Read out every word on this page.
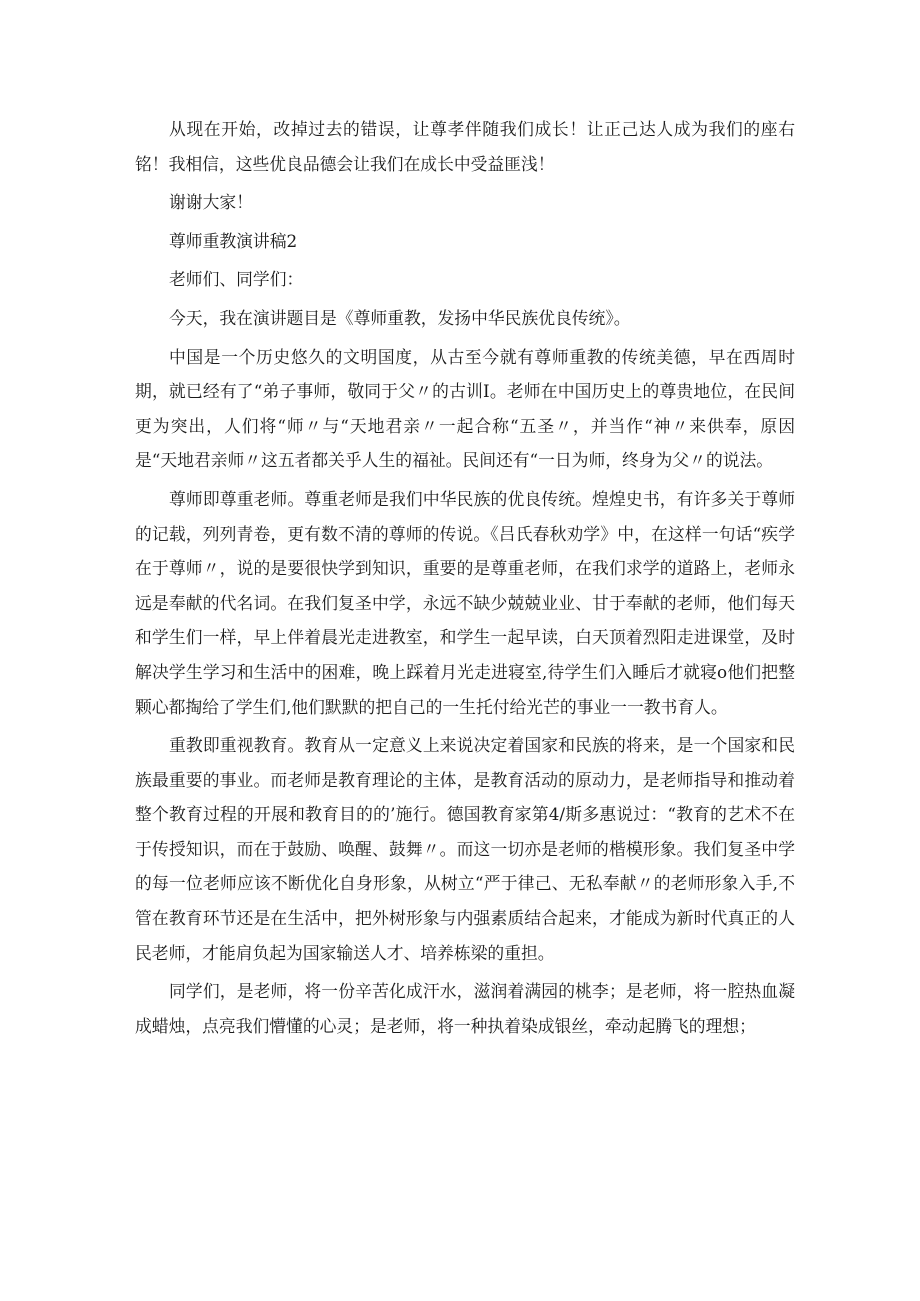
从现在开始，改掉过去的错误，让尊孝伴随我们成长！让正己达人成为我们的座右铭！我相信，这些优良品德会让我们在成长中受益匪浅！

谢谢大家！

尊师重教演讲稿2

老师们、同学们：

今天，我在演讲题目是《尊师重教，发扬中华民族优良传统》。

中国是一个历史悠久的文明国度，从古至今就有尊师重教的传统美德，早在西周时期，就已经有了“弟子事师，敬同于父〃的古训I。老师在中国历史上的尊贵地位，在民间更为突出，人们将“师〃与“天地君亲〃一起合称“五圣〃，并当作“神〃来供奉，原因是“天地君亲师〃这五者都关乎人生的福祉。民间还有“一日为师，终身为父〃的说法。

尊师即尊重老师。尊重老师是我们中华民族的优良传统。煌煌史书，有许多关于尊师的记载，列列青卷，更有数不清的尊师的传说。《吕氏春秋劝学》中，在这样一句话“疾学在于尊师〃，说的是要很快学到知识，重要的是尊重老师，在我们求学的道路上，老师永远是奉献的代名词。在我们复圣中学，永远不缺少兢兢业业、甘于奉献的老师，他们每天和学生们一样，早上伴着晨光走进教室，和学生一起早读，白天顶着烈阳走进课堂，及时解决学生学习和生活中的困难，晚上踩着月光走进寝室,待学生们入睡后才就寝o他们把整颗心都掏给了学生们,他们默默的把自己的一生托付给光芒的事业一一教书育人。

重教即重视教育。教育从一定意义上来说决定着国家和民族的将来，是一个国家和民族最重要的事业。而老师是教育理论的主体，是教育活动的原动力，是老师指导和推动着整个教育过程的开展和教育目的的’施行。德国教育家第4/斯多惠说过：“教育的艺术不在于传授知识，而在于鼓励、唤醒、鼓舞〃。而这一切亦是老师的楷模形象。我们复圣中学的每一位老师应该不断优化自身形象，从树立“严于律己、无私奉献〃的老师形象入手,不管在教育环节还是在生活中，把外树形象与内强素质结合起来，才能成为新时代真正的人民老师，才能肩负起为国家输送人才、培养栋梁的重担。

同学们，是老师，将一份辛苦化成汗水，滋润着满园的桃李；是老师，将一腔热血凝成蜡烛，点亮我们懵懂的心灵；是老师，将一种执着染成银丝，牵动起腾飞的理想；
